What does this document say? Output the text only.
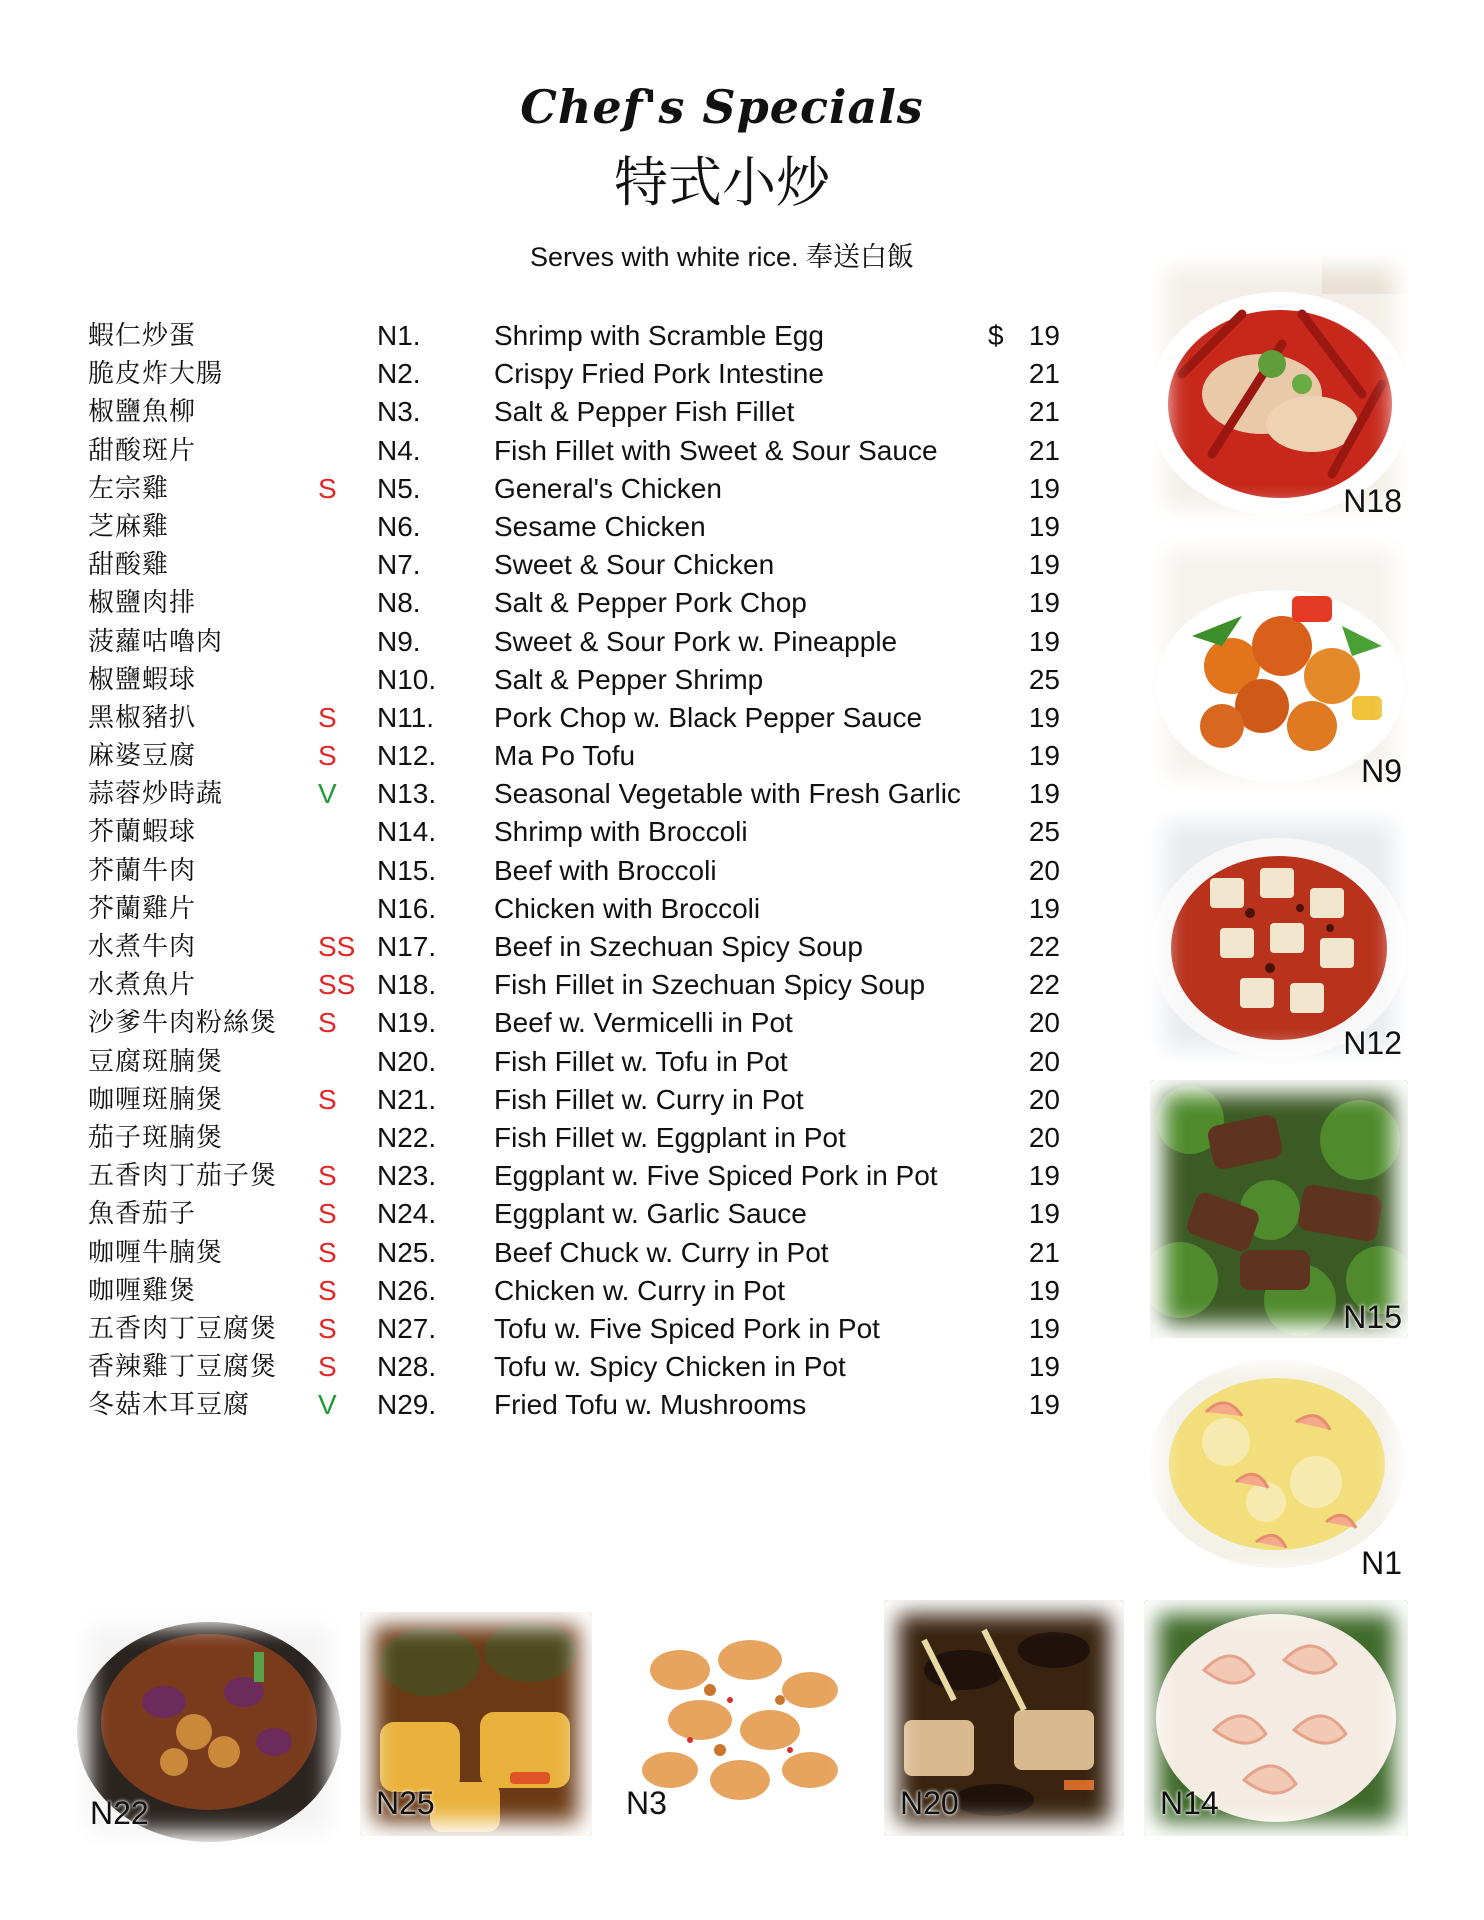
Chef's Specials
特式小炒
Serves with white rice. 奉送白飯
蝦仁炒蛋	N1.	Shrimp with Scramble Egg	$ 19
脆皮炸大腸	N2.	Crispy Fried Pork Intestine	21
椒鹽魚柳	N3.	Salt & Pepper Fish Fillet	21
甜酸斑片	N4.	Fish Fillet with Sweet & Sour Sauce	21
左宗雞	S N5.	General's Chicken	19
芝麻雞	N6.	Sesame Chicken	19
甜酸雞	N7.	Sweet & Sour Chicken	19
椒鹽肉排	N8.	Salt & Pepper Pork Chop	19
菠蘿咕嚕肉	N9.	Sweet & Sour Pork w. Pineapple	19
椒鹽蝦球	N10. Salt & Pepper Shrimp	25
黑椒豬扒	S N11. Pork Chop w. Black Pepper Sauce	19
麻婆豆腐	S N12. Ma Po Tofu	19
蒜蓉炒時蔬	V N13. Seasonal Vegetable with Fresh Garlic	19
芥蘭蝦球	N14. Shrimp with Broccoli	25
芥蘭牛肉	N15. Beef with Broccoli	20
芥蘭雞片	N16. Chicken with Broccoli	19
水煮牛肉	SS N17. Beef in Szechuan Spicy Soup	22
水煮魚片	SS N18. Fish Fillet in Szechuan Spicy Soup	22
沙爹牛肉粉絲煲 S N19. Beef w. Vermicelli in Pot	20
豆腐斑腩煲	N20. Fish Fillet w. Tofu in Pot	20
咖喱斑腩煲	S N21. Fish Fillet w. Curry in Pot	20
茄子斑腩煲	N22. Fish Fillet w. Eggplant in Pot	20
五香肉丁茄子煲 S N23. Eggplant w. Five Spiced Pork in Pot	19
魚香茄子	S N24. Eggplant w. Garlic Sauce	19
咖喱牛腩煲	S N25. Beef Chuck w. Curry in Pot	21
咖喱雞煲	S N26. Chicken w. Curry in Pot	19
五香肉丁豆腐煲 S N27. Tofu w. Five Spiced Pork in Pot	19
香辣雞丁豆腐煲 S N28. Tofu w. Spicy Chicken in Pot	19
冬菇木耳豆腐 V N29. Fried Tofu w. Mushrooms	19
N18
N9
N12
N15
N1
N22	N25	N3	N20	N14
